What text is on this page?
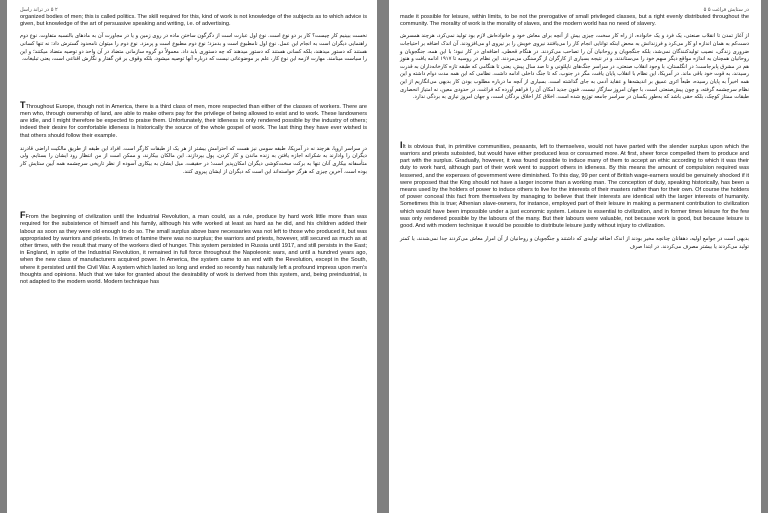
۲ ۵ در تراند راسل

organized bodies of men; this is called politics. The skill required for this, kind of work is not knowledge of the subjects as to which advice is given, but knowledge of the art of persuasive speaking and writing, i.e. of advertising.

نخست ببینیم کار چیست؟ کار بر دو نوع است. نوع اول عبارت است از دگرگون ساختن ماده در روی زمین و یا در مجاورت آن به مادهای بالنسبه متفاوت. نوع دوم راهنمایی دیگران است به انجام این عمل. نوع اول نامطبوع است و بدمزد؛ نوع دوم مطبوع است و پرمزد. نوع دوم را میتوان نامحدود گسترش داد: نه تنها کسانی هستند که دستور میدهند، بلکه کسانی هستند که دستور میدهند که چه دستوری باید داد. معمولاً دو گروه سازمانی متضاد در آن واحد دو توصیه متضاد میکنند؛ و این را سیاست مینامند. مهارت لازمه این نوع کار، علم بر موضوعاتی نیست که درباره آنها توصیه میشود، بلکه وقوف بر فن گفتار و نگارش اقناعی است، یعنی تبلیغات.

TThroughout Europe, though not in America, there is a third class of men, more respected than either of the classes of workers. There are men who, through ownership of land, are able to make others pay for the privilege of being allowed to exist and to work. These landowners are idle, and I might therefore be expected to praise them. Unfortunately, their idleness is only rendered possible by the industry of others; indeed their desire for comfortable idleness is historically the source of the whole gospel of work. The last thing they have ever wished is that others should follow their example.

در سراسر اروپا، هرچند نه در آمریکا، طبقه سومی نیز هست که احترامش بیشتر از هر یک از طبقات کارگر است. افراد این طبقه از طریق مالکیت اراضی قادرند دیگران را وادارند به شکرانه اجازه یافتن به زنده ماندن و کار کردن، پول بپردازند. این مالکان بیکارند، و ممکن است از من انتظار رود ایشان را بستایم. ولی متأسفانه بیکاری آنان تنها به برکت سخت‌کوشی دیگران امکان‌پذیر است؛ در حقیقت، میل ایشان به بیکاری آسوده از نظر تاریخی سرچشمه همه آیین ستایش کار بوده است. آخرین چیزی که هرگز خواسته‌اند این است که دیگران از ایشان پیروی کنند.

FFrom the beginning of civilization until the Industrial Revolution, a man could, as a rule, produce by hard work little more than was required for the subsistence of himself and his family, although his wife worked at least as hard as he did, and his children added their labour as soon as they were old enough to do so. The small surplus above bare necessaries was not left to those who produced it, but was appropriated by warriors and priests. In times of famine there was no surplus; the warriors and priests, however, still secured as much as at other times, with the result that many of the workers died of hunger. This system persisted in Russia until 1917, and still persists in the East; in England, in spite of the Industrial Revolution, it remained in full force throughout the Napoleonic wars, and until a hundred years ago, when the new class of manufacturers acquired power. In America, the system came to an end with the Revolution, except in the South, where it persisted until the Civil War. A system which lasted so long and ended so recently has naturally left a profound impress upon men's thoughts and opinions. Much that we take for granted about the desirability of work is derived from this system, and, being preindustrial, is not adapted to the modern world. Modern technique has

در ستایش فراغت ۵ ۵

made it possible for leisure, within limits, to be not the prerogative of small privileged classes, but a right evenly distributed throughout the community. The morality of work is the morality of slaves, and the modern world has no need of slavery.

از آغاز تمدن تا انقلاب صنعتی، یک فرد و یک خانواده، از راه کار سخت، چیزی بیش از آنچه برای معاش خود و خانواده‌اش لازم بود تولید نمی‌کرد، هرچند همسرش دست‌کم به همان اندازه او کار می‌کرد و فرزندانش به محض اینکه توانایی انجام کار را می‌یافتند نیروی خویش را بر نیروی او می‌افزودند. آن اندک اضافه بر احتیاجات ضروری زندگی، نصیب تولیدکنندگان نمی‌شد، بلکه جنگجویان و روحانیان آن را تصاحب می‌کردند. در هنگام قحطی، اضافه‌ای در کار نبود؛ با این همه، جنگجویان و روحانیان همچنان به اندازه مواقع دیگر سهم خود را می‌ستاندند، و در نتیجه بسیاری از کارگران از گرسنگی می‌مردند. این نظام در روسیه تا ۱۹۱۷ ادامه یافت و هنوز هم در مشرق پابرجاست؛ در انگلستان، با وجود انقلاب صنعتی، در سراسر جنگ‌های ناپلئونی و تا صد سال پیش، یعنی تا هنگامی که طبقه تازه کارخانه‌داران به قدرت رسیدند، به قوت خود باقی ماند. در آمریکا، این نظام با انقلاب پایان یافت، مگر در جنوب، که تا جنگ داخلی ادامه داشت. نظامی که این همه مدت دوام داشته و این همه اخیراً به پایان رسیده، طبعاً اثری عمیق بر اندیشه‌ها و عقاید آدمی به جای گذاشته است. بسیاری از آنچه ما درباره مطلوب بودن کار بدیهی می‌انگاریم از این نظام سرچشمه گرفته، و چون پیش‌صنعتی است، با جهان امروز سازگار نیست. فنون جدید امکان آن را فراهم آورده که فراغت، در حدودی معین، نه امتیاز انحصاری طبقات ممتاز کوچک، بلکه حقی باشد که به‌طور یکسان در سراسر جامعه توزیع شده است. اخلاق کار اخلاق بردگان است، و جهان امروز نیازی به بردگی ندارد.

IIt is obvious that, in primitive communities, peasants, left to themselves, would not have parted with the slender surplus upon which the warriors and priests subsisted, but would have either produced less or consumed more. At first, sheer force compelled them to produce and part with the surplus. Gradually, however, it was found possible to induce many of them to accept an ethic according to which it was their duty to work hard, although part of their work went to support others in idleness. By this means the amount of compulsion required was lessened, and the expenses of government were diminished. To this day, 99 per cent of British wage-earners would be genuinely shocked if it were proposed that the King should not have a larger income than a working man. The conception of duty, speaking historically, has been a means used by the holders of power to induce others to live for the interests of their masters rather than for their own. Of course the holders of power conceal this fact from themselves by managing to believe that their interests are identical with the larger interests of humanity. Sometimes this is true; Athenian slave-owners, for instance, employed part of their leisure in making a permanent contribution to civilization which would have been impossible under a just economic system. Leisure is essential to civilization, and in former times leisure for the few was only rendered possible by the labours of the many. But their labours were valuable, not because work is good, but because leisure is good. And with modern technique it would be possible to distribute leisure justly without injury to civilization.

بدیهی است در جوامع اولیه، دهقانان چنانچه مخیر بودند از اندک اضافه تولیدی که داشتند و جنگجویان و روحانیان از آن امرار معاش می‌کردند جدا نمی‌شدند، یا کمتر تولید می‌کردند یا بیشتر مصرف می‌کردند. در ابتدا صرف
